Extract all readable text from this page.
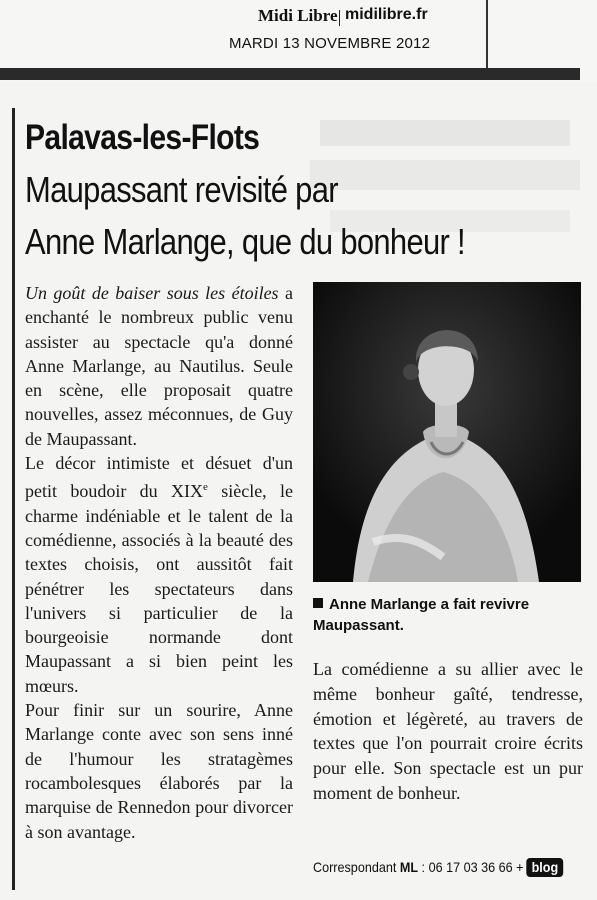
Midi Libre midilibre.fr
MARDI 13 NOVEMBRE 2012
Palavas-les-Flots
Maupassant revisité par
Anne Marlange, que du bonheur !

Un goût de baiser sous les étoiles a enchanté le nombreux public venu assister au spectacle qu'a donné Anne Marlange, au Nautilus. Seule en scène, elle proposait quatre nouvelles, assez méconnues, de Guy de Maupassant.

Le décor intimiste et désuet d'un petit boudoir du XIXe siècle, le charme indéniable et le talent de la comédienne, associés à la beauté des textes choisis, ont aussitôt fait pénétrer les spectateurs dans l'univers si particulier de la bourgeoisie normande dont Maupassant a si bien peint les mœurs.

Pour finir sur un sourire, Anne Marlange conte avec son sens inné de l'humour les stratagèmes rocambolesques élaborés par la marquise de Rennedon pour divorcer à son avantage.

Anne Marlange a fait revivre Maupassant.

La comédienne a su allier avec le même bonheur gaîté, tendresse, émotion et légèreté, au travers de textes que l'on pourrait croire écrits pour elle. Son spectacle est un pur moment de bonheur.

Correspondant ML : 06 17 03 36 66 + blog
